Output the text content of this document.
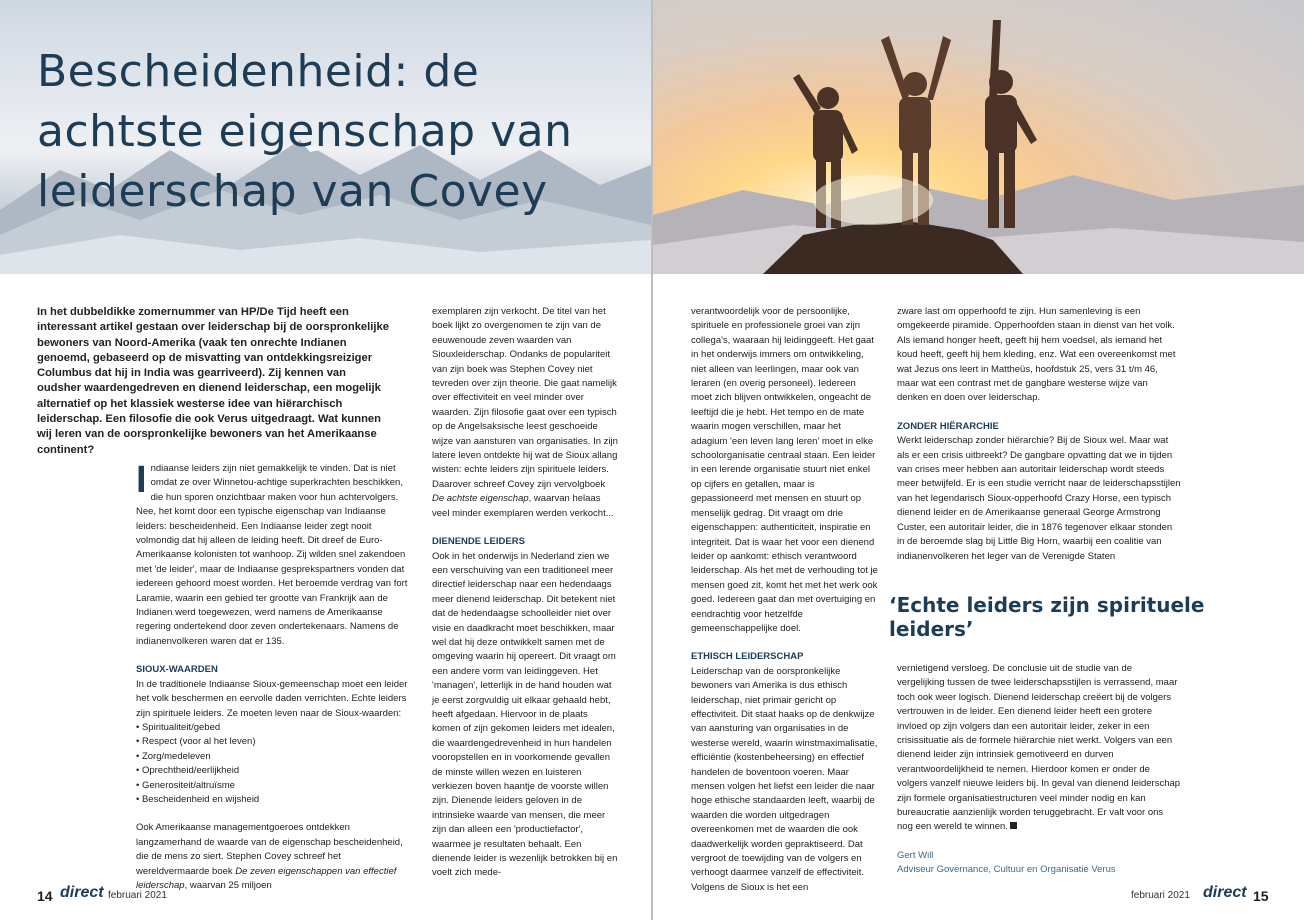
Bescheidenheid: de achtste eigenschap van leiderschap van Covey

In het dubbeldikke zomernummer van HP/De Tijd heeft een interessant artikel gestaan over leiderschap bij de oorspronkelijke bewoners van Noord-Amerika (vaak ten onrechte Indianen genoemd, gebaseerd op de misvatting van ontdekkingsreiziger Columbus dat hij in India was gearriveerd). Zij kennen van oudsher waardengedreven en dienend leiderschap, een mogelijk alternatief op het klassiek westerse idee van hiërarchisch leiderschap. Een filosofie die ook Verus uitgedraagt. Wat kunnen wij leren van de oorspronkelijke bewoners van het Amerikaanse continent?

Indiaanse leiders zijn niet gemakkelijk te vinden. Dat is niet omdat ze over Winnetou-achtige superkrachten beschikken, die hun sporen onzichtbaar maken voor hun achtervolgers. Nee, het komt door een typische eigenschap van Indiaanse leiders: bescheidenheid. Een Indiaanse leider zegt nooit volmondig dat hij alleen de leiding heeft. Dit dreef de Euro-Amerikaanse kolonisten tot wanhoop. Zij wilden snel zakendoen met 'de leider', maar de Indiaanse gesprekspartners vonden dat iedereen gehoord moest worden. Het beroemde verdrag van fort Laramie, waarin een gebied ter grootte van Frankrijk aan de Indianen werd toegewezen, werd namens de Amerikaanse regering ondertekend door zeven ondertekenaars. Namens de indianenvolkeren waren dat er 135.

SIOUX-WAARDEN

In de traditionele Indiaanse Sioux-gemeenschap moet een leider het volk beschermen en eervolle daden verrichten. Echte leiders zijn spirituele leiders. Ze moeten leven naar de Sioux-waarden:

• Spiritualiteit/gebed
• Respect (voor al het leven)
• Zorg/medeleven
• Oprechtheid/eerlijkheid
• Generositeit/altruïsme
• Bescheidenheid en wijsheid

Ook Amerikaanse managementgoeroes ontdekken langzamerhand de waarde van de eigenschap bescheidenheid, die de mens zo siert. Stephen Covey schreef het wereldvermaarde boek De zeven eigenschappen van effectief leiderschap, waarvan 25 miljoen

exemplaren zijn verkocht. De titel van het boek lijkt zo overgenomen te zijn van de eeuwenoude zeven waarden van Siouxleiderschap. Ondanks de populariteit van zijn boek was Stephen Covey niet tevreden over zijn theorie. Die gaat namelijk over effectiviteit en veel minder over waarden. Zijn filosofie gaat over een typisch op de Angelsaksische leest geschoeide wijze van aansturen van organisaties. In zijn latere leven ontdekte hij wat de Sioux allang wisten: echte leiders zijn spirituele leiders. Daarover schreef Covey zijn vervolgboek De achtste eigenschap, waarvan helaas veel minder exemplaren werden verkocht...

DIENENDE LEIDERS

Ook in het onderwijs in Nederland zien we een verschuiving van een traditioneel meer directief leiderschap naar een hedendaags meer dienend leiderschap. Dit betekent niet dat de hedendaagse schoolleider niet over visie en daadkracht moet beschikken, maar wel dat hij deze ontwikkelt samen met de omgeving waarin hij opereert. Dit vraagt om een andere vorm van leidinggeven. Het 'managen', letterlijk in de hand houden wat je eerst zorgvuldig uit elkaar gehaald hebt, heeft afgedaan. Hiervoor in de plaats komen of zijn gekomen leiders met idealen, die waardengedrevenheid in hun handelen vooropstellen en in voorkomende gevallen de minste willen wezen en luisteren verkiezen boven haantje de voorste willen zijn. Dienende leiders geloven in de intrinsieke waarde van mensen, die meer zijn dan alleen een 'productiefactor', waarmee je resultaten behaalt. Een dienende leider is wezenlijk betrokken bij en voelt zich mede-

14 direct februari 2021

verantwoordelijk voor de persoonlijke, spirituele en professionele groei van zijn collega's, waaraan hij leidinggeeft. Het gaat in het onderwijs immers om ontwikkeling, niet alleen van leerlingen, maar ook van leraren (en overig personeel). Iedereen moet zich blijven ontwikkelen, ongeacht de leeftijd die je hebt. Het tempo en de mate waarin mogen verschillen, maar het adagium 'een leven lang leren' moet in elke schoolorganisatie centraal staan. Een leider in een lerende organisatie stuurt niet enkel op cijfers en getallen, maar is gepassioneerd met mensen en stuurt op menselijk gedrag. Dit vraagt om drie eigenschappen: authenticiteit, inspiratie en integriteit. Dat is waar het voor een dienend leider op aankomt: ethisch verantwoord leiderschap. Als het met de verhouding tot je mensen goed zit, komt het met het werk ook goed. Iedereen gaat dan met overtuiging en eendrachtig voor hetzelfde gemeenschappelijke doel.

ETHISCH LEIDERSCHAP

Leiderschap van de oorspronkelijke bewoners van Amerika is dus ethisch leiderschap, niet primair gericht op effectiviteit. Dit staat haaks op de denkwijze van aansturing van organisaties in de westerse wereld, waarin winstmaximalisatie, efficiëntie (kostenbeheersing) en effectief handelen de boventoon voeren. Maar mensen volgen het liefst een leider die naar hoge ethische standaarden leeft, waarbij de waarden die worden uitgedragen overeenkomen met de waarden die ook daadwerkelijk worden gepraktiseerd. Dat vergroot de toewijding van de volgers en verhoogt daarmee vanzelf de effectiviteit. Volgens de Sioux is het een

zware last om opperhoofd te zijn. Hun samenleving is een omgekeerde piramide. Opperhoofden staan in dienst van het volk. Als iemand honger heeft, geeft hij hem voedsel, als iemand het koud heeft, geeft hij hem kleding, enz. Wat een overeenkomst met wat Jezus ons leert in Mattheüs, hoofdstuk 25, vers 31 t/m 46, maar wat een contrast met de gangbare westerse wijze van denken en doen over leiderschap.

ZONDER HIËRARCHIE

Werkt leiderschap zonder hiërarchie? Bij de Sioux wel. Maar wat als er een crisis uitbreekt? De gangbare opvatting dat we in tijden van crises meer hebben aan autoritair leiderschap wordt steeds meer betwijfeld. Er is een studie verricht naar de leiderschapsstijlen van het legendarisch Sioux-opperhoofd Crazy Horse, een typisch dienend leider en de Amerikaanse generaal George Armstrong Custer, een autoritair leider, die in 1876 tegenover elkaar stonden in de beroemde slag bij Little Big Horn, waarbij een coalitie van indianenvolkeren het leger van de Verenigde Staten

‘Echte leiders zijn spirituele leiders’

vernietigend versloeg. De conclusie uit de studie van de vergelijking tussen de twee leiderschapsstijlen is verrassend, maar toch ook weer logisch. Dienend leiderschap creëert bij de volgers vertrouwen in de leider. Een dienend leider heeft een grotere invloed op zijn volgers dan een autoritair leider, zeker in een crisissituatie als de formele hiërarchie niet werkt. Volgers van een dienend leider zijn intrinsiek gemotiveerd en durven verantwoordelijkheid te nemen. Hierdoor komen er onder de volgers vanzelf nieuwe leiders bij. In geval van dienend leiderschap zijn formele organisatiestructuren veel minder nodig en kan bureaucratie aanzienlijk worden teruggebracht. Er valt voor ons nog een wereld te winnen.

Gert Will

Adviseur Governance, Cultuur en Organisatie Verus

februari 2021 direct 15
